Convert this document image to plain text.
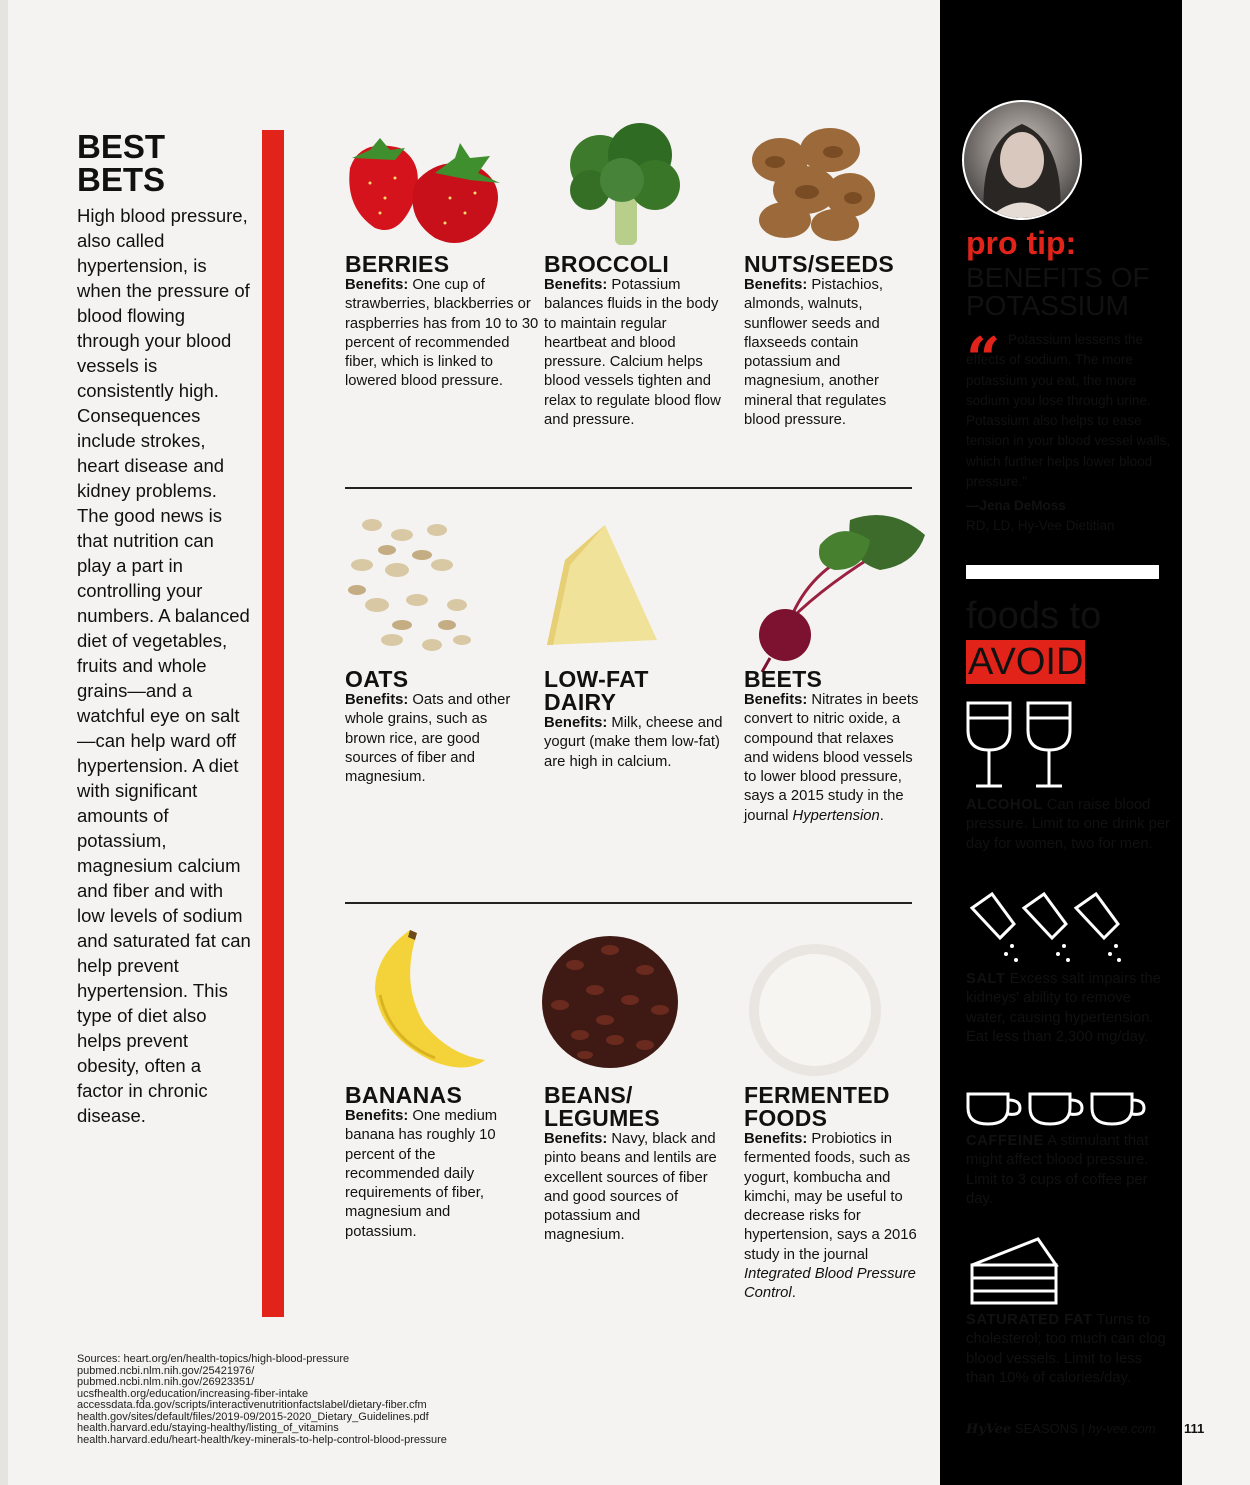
BEST
BETS
High blood pressure, also called hypertension, is when the pressure of blood flowing through your blood vessels is consistently high. Consequences include strokes, heart disease and kidney problems. The good news is that nutrition can play a part in controlling your numbers. A balanced diet of vegetables, fruits and whole grains—and a watchful eye on salt—can help ward off hypertension. A diet with significant amounts of potassium, magnesium calcium and fiber and with low levels of sodium and saturated fat can help prevent hypertension. This type of diet also helps prevent obesity, often a factor in chronic disease.
BERRIES

Benefits: One cup of strawberries, blackberries or raspberries has from 10 to 30 percent of recommended fiber, which is linked to lowered blood pressure.

BROCCOLI

Benefits: Potassium balances fluids in the body to maintain regular heartbeat and blood pressure. Calcium helps blood vessels tighten and relax to regulate blood flow and pressure.

NUTS/SEEDS

Benefits: Pistachios, almonds, walnuts, sunflower seeds and flaxseeds contain potassium and magnesium, another mineral that regulates blood pressure.

OATS

Benefits: Oats and other whole grains, such as brown rice, are good sources of fiber and magnesium.

LOW-FAT
DAIRY

Benefits: Milk, cheese and yogurt (make them low-fat) are high in calcium.

BEETS

Benefits: Nitrates in beets convert to nitric oxide, a compound that relaxes and widens blood vessels to lower blood pressure, says a 2015 study in the journal Hypertension.

BANANAS

Benefits: One medium banana has roughly 10 percent of the recommended daily requirements of fiber, magnesium and potassium.

BEANS/
LEGUMES

Benefits: Navy, black and pinto beans and lentils are excellent sources of fiber and good sources of potassium and magnesium.

FERMENTED
FOODS

Benefits: Probiotics in fermented foods, such as yogurt, kombucha and kimchi, may be useful to decrease risks for hypertension, says a 2016 study in the journal Integrated Blood Pressure Control.

Sources: heart.org/en/health-topics/high-blood-pressure
pubmed.ncbi.nlm.nih.gov/25421976/
pubmed.ncbi.nlm.nih.gov/26923351/
ucsfhealth.org/education/increasing-fiber-intake
accessdata.fda.gov/scripts/interactivenutritionfactslabel/dietary-fiber.cfm
health.gov/sites/default/files/2019-09/2015-2020_Dietary_Guidelines.pdf
health.harvard.edu/staying-healthy/listing_of_vitamins
health.harvard.edu/heart-health/key-minerals-to-help-control-blood-pressure
pro tip:
BENEFITS OF
POTASSIUM
“ Potassium lessens the effects of sodium. The more potassium you eat, the more sodium you lose through urine. Potassium also helps to ease tension in your blood vessel walls, which further helps lower blood pressure.”
—Jena DeMoss
RD, LD, Hy-Vee Dietitian
foods to
AVOID
ALCOHOL Can raise blood pressure. Limit to one drink per day for women, two for men.
SALT Excess salt impairs the kidneys' ability to remove water, causing hypertension. Eat less than 2,300 mg/day.
CAFFEINE A stimulant that might affect blood pressure. Limit to 3 cups of coffee per day.
SATURATED FAT Turns to cholesterol; too much can clog blood vessels. Limit to less than 10% of calories/day.
HyVee SEASONS | hy-vee.com 111
